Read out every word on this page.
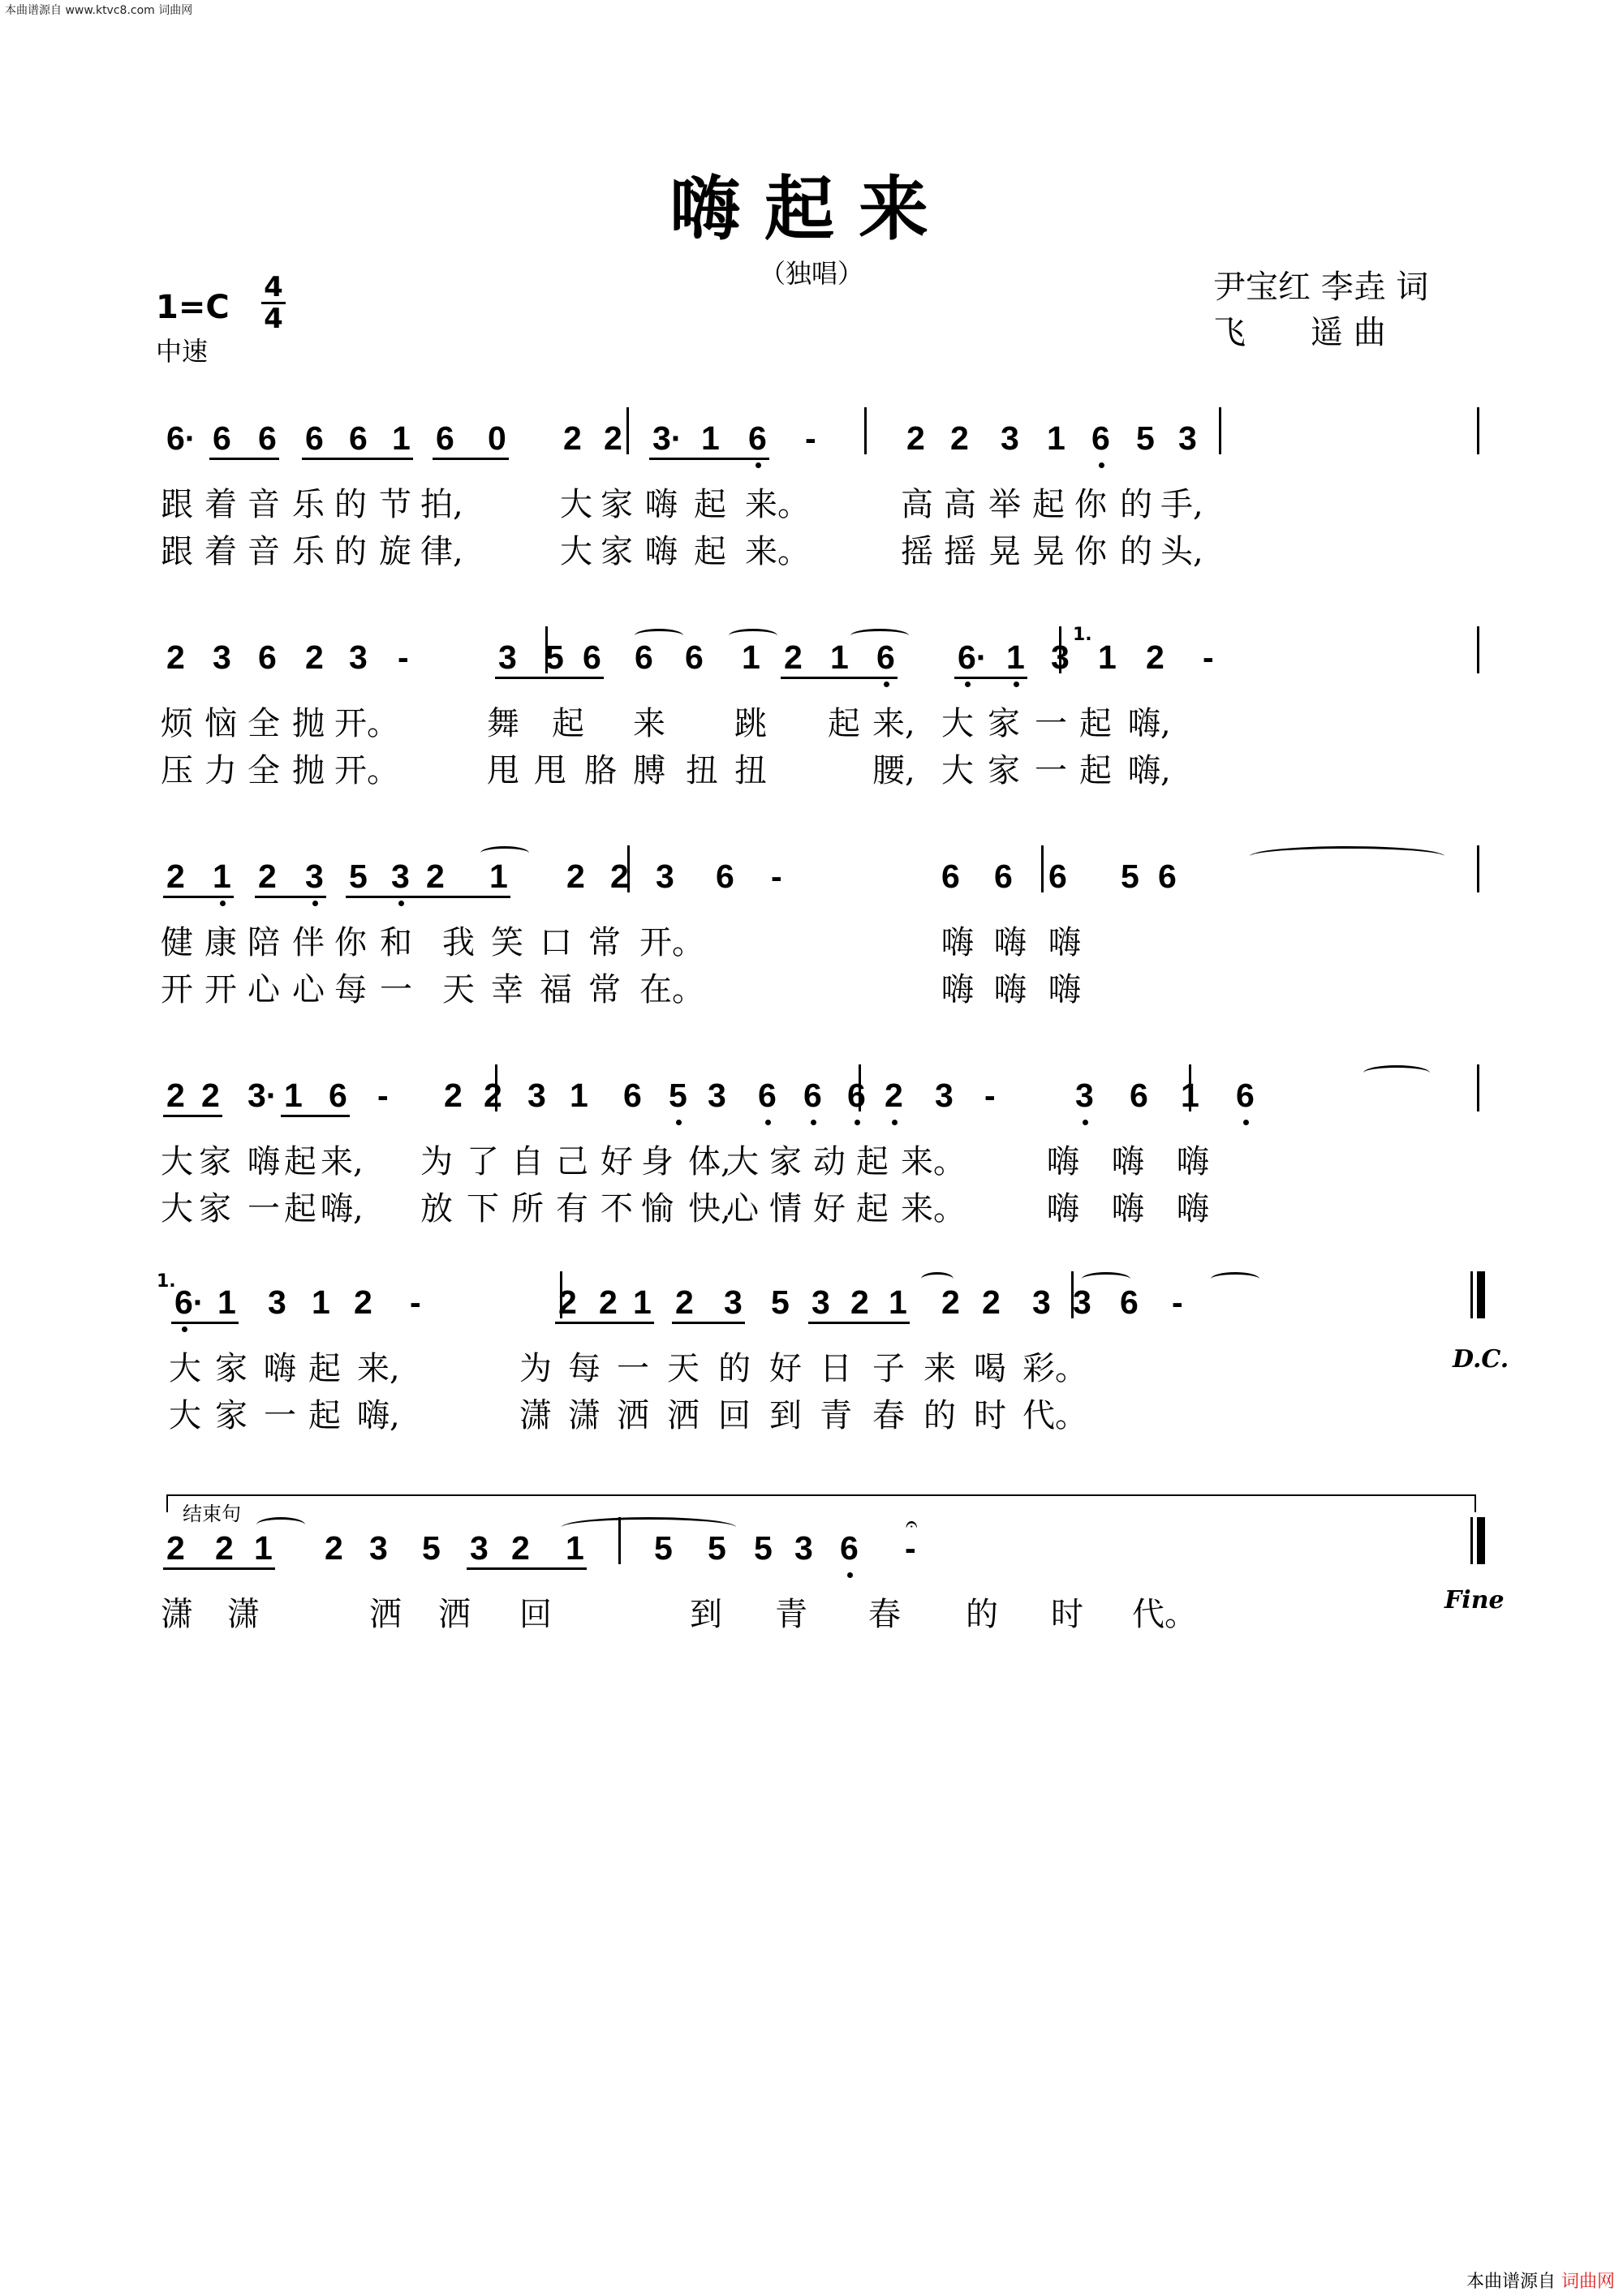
本曲谱源自 www.ktvc8.com 词曲网
嗨起来
（独唱）
1=C
4
4
中速
尹宝红 李垚 词
飞　　遥 曲
6· 6 6 6 6 1 6 0 2 2 3· 1 6 -	2 2 3 1 6 5 3
跟 着 音 乐 的 节 拍,	大 家 嗨 起 来。	高 高 举 起 你 的 手,
跟 着 音 乐 的 旋 律,	大 家 嗨 起 来。	摇 摇 晃 晃 你 的 头,
2 3 6 2 3 -	3 5 6 6 6 1 2 1 6 6· 1 3 1 2 -
烦 恼 全 抛 开。	舞 起 来 跳 起 来, 大 家 一 起 嗨,
压 力 全 抛 开。	甩 甩 胳 膊 扭 扭	腰, 大 家 一 起 嗨,
2 1 2 3 5 3 2 1 2 2 3 6 -	6 6 6 5 6
健 康 陪 伴 你 和 我 笑 口 常 开。	嗨 嗨 嗨
开 开 心 心 每 一 天 幸 福 常 在。	嗨 嗨 嗨
2 2 3· 1 6 - 2 2 3 1 6 5 3 6 6 6 2 3 - 3 6 1 6
大 家 嗨 起 来, 为 了 自 己 好 身 体,
大 家 动 起 来。	嗨 嗨 嗨
大 家 一 起 嗨, 放 下 所 有 不 愉 快,
心 情 好 起 来。	嗨 嗨 嗨
6· 1 3 1 2 -	2 2 1 2 3 5 3 2 1 2 2 3 3 6 -
大 家 嗨 起 来,	为 每 一 天 的 好 日 子 来 喝 彩。
大 家 一 起 嗨,	潇 潇 洒 洒 回 到 青 春 的 时 代。
2 2 1 2 3 5 3 2 1 5 5 5 3 6 -
潇 潇	洒 洒 回	到 青 春 的 时 代。
结束句
1.
1.
𝄐
D.C.
Fine
本曲谱源自 词曲网
